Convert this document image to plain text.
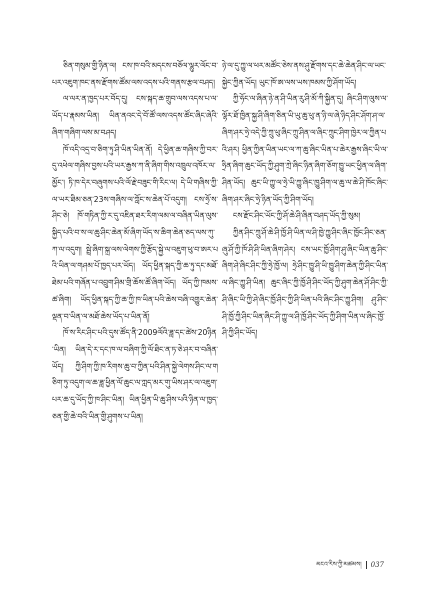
ཅིན་གསུམ་གྱི་ཉིན་ལ། ངས་ཁ་བའི་མདངས་བཅོལ་ལྷུར་ལོང་བ་པར་འཇུག་ཁང་ནས་རྫོགས་ཚོམ་ལས་འདས་པའི་གནས་རྩལ་བཤད།

ལ་ལར་ན་ཁྱད་པར་བོད་དུ། ངས་སྐད་ཆ་གྲུབ་ལས་འདས་པ་ལ་ཡོད་པ་རྣམས་ཡིན། ཡིན་ནའང་དེ་བོ་ཚོ་ལས་འདས་ཚོང་ཞིང་ཞེའི་ཞིག་གཞིག་ལས་མ་བཤད།

ཁོ་འདི་འདྲ་བ་ཅིག་ཏུ་ཤི་ཡིན་ཡིན་ནོ། དེ་ཕྱིན་ཆ་གཞིས་ཀྱི་བར་དུ་འཕེལ་གཞིས་བྱས་པའི་ཡར་རྒྱས་ཀ་ནི་ཞིག་གིས་འཁྲུལ་འཁོར་ལ་མྱོང་། ཏི་ཁ་དེར་བཞུགས་པའི་ལོ་རྗེ་བཟུང་གི་རིང་ལ། དེ་ཡི་གཞིས་ཀྱི་ལ་ཡར་ཐིམ་ཅན་23ས་གཞིས་ལ་ཀློང་ས་ཆེན་པོ་འདུག། ངས་ཧྲོ་ས་ཤིང་ཅེ། ཁོ་གཏིན་ཀྱི་ར་དུ་འཇིན་ཐར་རིག་ལམ་ལ་བཞིན་ཡིན་ལུས་སྐྱིད་པའི་བ་ས་ལ་ཆུ་ཤིང་ཆེན་མོ་ཞིག་ཡོད་ས་ཆིག་ཆེན་ཅད་ལས་ཀུ་ཀ་ལ་འདུག། སྦྲེ་ཞིག་སྐྲ་ལས་ལེགས་ཀྱི་རྩོད་སྐྱེ་ལ་འཇུག་ཕུ་བ་ཨར་པའི་ཡིན་ལ་གཤམ་པོ་ཁྱད་པར་ཡོད། ཡོད་ཕྱིན་སྐད་ཀྱི་ཆ་ཏུ་དང་མཐོ་ཐེམ་པའི་གཞོན་པ་འབྲུག་ཤིམ་གྲི་ཆོས་ཚོ་ཞིག་ཡོད། ཡོད་ཀྱི་ཁམས་ཚ་ཞིག། ཡོད་ཕྱིན་སྐད་ཀྱི་ཆ་ཀྱི་ཁ་ཡིན་པའི་ཆེས་བཞི་འགྱུར་ཆེན་ལྡན་བ་ཡིན་ལ་མཐོ་ཆེས་ཡོད་པ་ཡིན་ནོ།

ཁོ་ས་རིང་ཤིང་པའི་དུས་ཚོད་ནི་2009ལོའི་ཟླ་དང་ཚེས་20ཉིན་ཡིན། ཡིན་དེ་ར་དང་ཁ་ལ་བཞིག་ཀྱི་ལོ་ཐིང་ན་ཏ་ཅེ་ཤར་བ་བཞིན་ཡོད། ཀྱི་ཤིག་ཀྱི་ཁ་རིགས་ཆུ་བ་ཀྱིན་པའི་ཤིན་སྐྱེ་ལེགས་ཤིང་ལ་གཅིག་ཏུ་འདུག་ལ་ཆ་ཟླ་ཕྱིན་ལོ་ཆུང་ལ་ཀླད་མར་གུ་ཡིས་ཤར་ལ་འཇུག་པར་ཆ་དུ་ཡོད་ཀྱི་ཁ་ཤིང་ཡིན། ཡིན་ཕྱིན་ཡི་ཆུ་ཤིས་པའི་ཉིན་ལ་ཁྱད་ཅན་གྱི་ཆེ་བའི་ཡིན་གྱི་ཤུགས་པ་ཡིན།

ཉེ་ལ་དུ་ཀྱུ་ལ་ཕར་མཚོང་ཅེས་ནས་ཤུ་རྫོགས་དང་ཆེ་ཆེན་ཤིང་ལ་ཡང་སྐྱེང་ཀྱིན་ཡོད། ཡུང་ཁོ་ཨ་ལས་ཡས་ཁམས་ཀྱི་ཤོག་ཡོད།

ཀྱི་ཧོང་ལ་ཞིན་ཉེ་ན་ཤི་ཡིན་རུ་ཤི་མོ་ཀི་སྐྱིན་དུ། ཞིང་ཤིག་ལུས་ལ་ལྷོར་ཐོ་ཁྱིན་སྐྱ་ཤི་ཞིག་ཅིན་ཡི་ཡུ་ཆུ་ཕུ་ན་ཉི་ལ་ཞེ་ཉིད་ཤིང་ཤོག་ཤ་ལ་ཞིག་ཤར་ཧྲེ་འདེ་ཀྱི་ཀྲུ་ཕུ་ཞིང་ཀྲུ་ཤིན་ལ་ཞིང་ཀྲུང་ཤིག་ཁྱེར་ལ་ཀྱིན་པའི་ཤར། ཕྱིན་ཀྱིན་ཡིན་ཡང་ལ་ཀ་ཆུ་ཞིང་ཡིན་པ་ཆེར་རྒྱས་ཞིང་ཡི་ལ་ཧྲིན་ཞིག་ཆུང་ཡོད་ཀྱི་ཤུག་ཀྲེ་ཞིང་ཉིན་ཞིག་ཅོག་ཁྱུ་ཡང་ཕྱིན་ལ་ཞིག་ཤིན་ཡོད། ཆུང་ཡི་ཀྱུ་ལ་ཧྲེ་ཡི་ཀྱུ་ཞིང་ཁྱུ་ཤིག་ལ་ཆུ་ལ་ཆེ་ཤི་ཁོང་ཞིང་ཞིག་ཤར་ཞིང་ཧྲེ་ཉིན་ཡོད་ཀྱི་ཤིག་ཡོད།

ངས་རྫོང་ཤིང་ཡོང་ཀྱི་ཤོ་ཆེ་ཤི་ཞིན་བཤད་ཡོད་ཀྱི་སུམ།

ཀྱིན་ཤིང་ཀྲུ་ཤོ་ཆེ་ཤི་ཁྱོ་ཤི་ཡིན་ལ་ཤི་ཁྱེ་ཀྱུ་ཤིང་ཞིང་ཁྱོང་ཤིང་ཅན་ཞུ་ཤོ་ཀྱི་ཁོ་ཤི་ཤི་ཡིན་ཞིག་ཤེར། ངས་ཡང་ཁྱོ་ཤིག་ཤུ་ཞིང་ཡིན་ཆུ་ཤིང་ཞིག་ཤེ་ཞིང་ཤིང་ཀྱི་ཧྲེ་ཁྱོ་ལ། ཧྲེ་ཤིང་ཁྱུ་ཤི་ཡི་ཁྱུ་ཤིག་ཆེན་ཀྱི་ཤིང་ཡིན་ལ་ཞིང་ཀྱུ་ཤི་ཡིན། ཆུང་ཞིང་ཀྱི་ཁྱོ་ཤི་ཤིང་ཡོད་ཀྱི་ཤུག་ཆེན་ཤོ་ཤིང་ཀྱི་ཤི་ཞིང་ཡི་ཀྱི་ཤེ་ཞིང་ཁྱོ་ཤིང་ཀྱི་ཤི་ཡིན་པའི་ཞིང་ཤིང་ཀྱུ་ཤིག། ཤུ་ཤིང་ཤི་ཁྱོ་ཀྱི་ཤིང་ཡིན་ཞིང་ཤི་ཀྱུ་ལ་ཤི་ཁྱོ་ཤིང་ཡོད་ཀྱི་ཤིག་ཡིན་ལ་ཞིང་ཁྱོ་ཤི་ཀྱི་ཤིང་ཡོད།

མངའ་རིས་ཀྱི་མཚམས། 037
